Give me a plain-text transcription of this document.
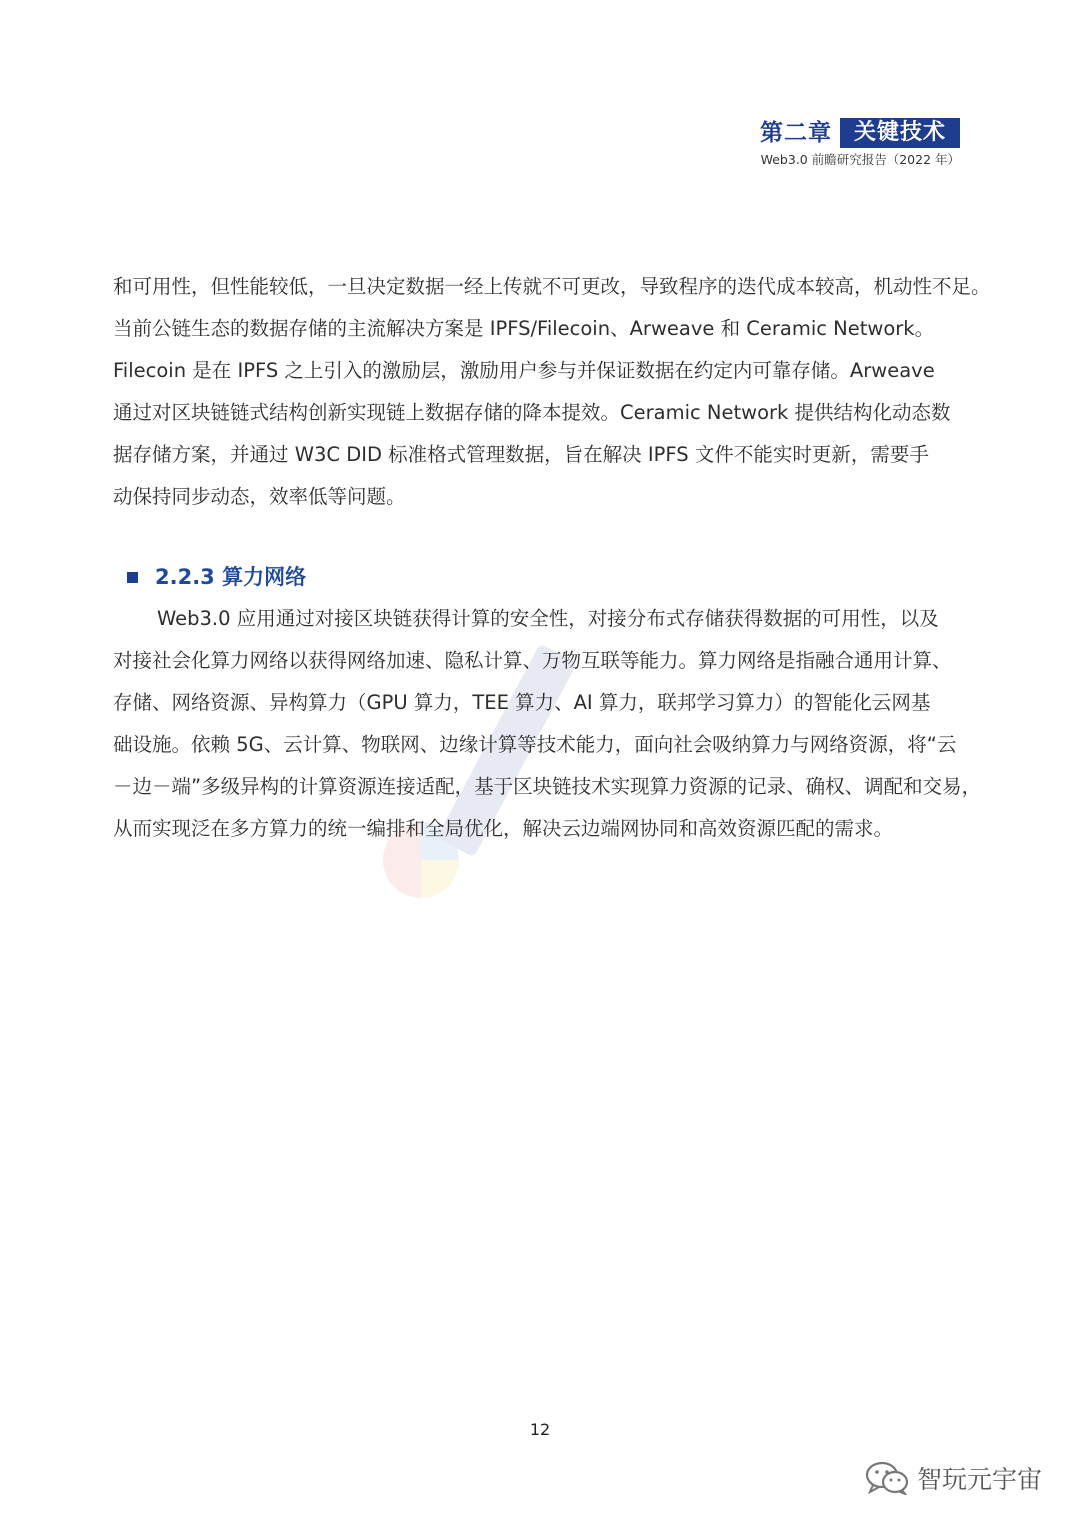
第二章	关键技术
Web3.0 前瞻研究报告（2022 年）

和可用性，但性能较低，一旦决定数据一经上传就不可更改，导致程序的迭代成本较高，机动性不足。
当前公链生态的数据存储的主流解决方案是 IPFS/Filecoin、Arweave 和 Ceramic Network。
Filecoin 是在 IPFS 之上引入的激励层，激励用户参与并保证数据在约定内可靠存储。Arweave
通过对区块链链式结构创新实现链上数据存储的降本提效。Ceramic Network 提供结构化动态数
据存储方案，并通过 W3C DID 标准格式管理数据，旨在解决 IPFS 文件不能实时更新，需要手
动保持同步动态，效率低等问题。

2.2.3 算力网络

Web3.0 应用通过对接区块链获得计算的安全性，对接分布式存储获得数据的可用性，以及
对接社会化算力网络以获得网络加速、隐私计算、万物互联等能力。算力网络是指融合通用计算、
存储、网络资源、异构算力（GPU 算力，TEE 算力、AI 算力，联邦学习算力）的智能化云网基
础设施。依赖 5G、云计算、物联网、边缘计算等技术能力，面向社会吸纳算力与网络资源，将“云
－边－端”多级异构的计算资源连接适配，基于区块链技术实现算力资源的记录、确权、调配和交易，
从而实现泛在多方算力的统一编排和全局优化，解决云边端网协同和高效资源匹配的需求。

12
智玩元宇宙
